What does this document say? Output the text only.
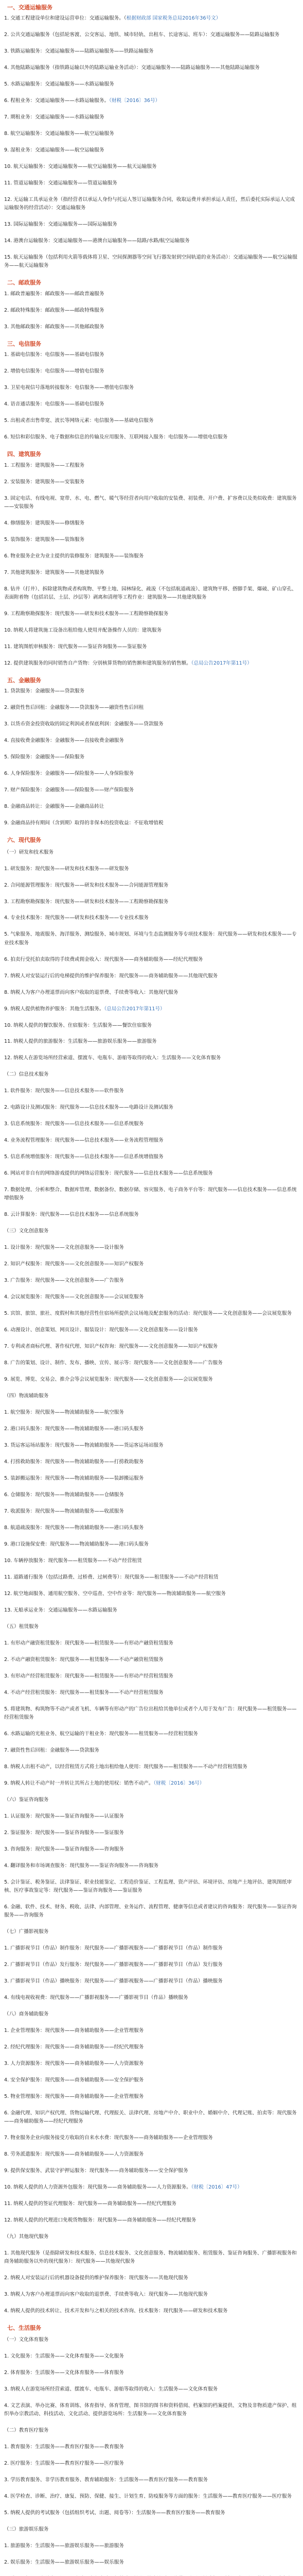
一、交通运输服务
1. 交通工程建设单位和建设运营单位：交通运输服务。（根据财政部 国家税务总局2016年36号文）
2. 公共交通运输服务（包括轮客渡、公交客运、地铁、城市轻轨、出租车、长途客运、班车）：交通运输服务——陆路运输服务
3. 铁路运输服务：交通运输服务——陆路运输服务——铁路运输服务
4. 其他陆路运输服务（指铁路运输以外的陆路运输业务活动）：交通运输服务——陆路运输服务——其他陆路运输服务
5. 水路运输服务：交通运输服务——水路运输服务
6. 程租业务：交通运输服务——水路运输服务。（财税〔2016〕36号）
7. 期租业务：交通运输服务——水路运输服务
8. 航空运输服务：交通运输服务——航空运输服务
9. 湿租业务：交通运输服务——航空运输服务
10. 航天运输服务：交通运输服务——航空运输服务——航天运输服务
11. 管道运输服务：交通运输服务——管道运输服务
12. 无运输工具承运业务（指经营者以承运人身份与托运人签订运输服务合同，收取运费并承担承运人责任，然后委托实际承运人完成运输服务的经营活动）：交通运输服务
13. 国际运输服务：交通运输服务——国际运输服务
14. 港澳台运输服务：交通运输服务——港澳台运输服务——陆路/水路/航空运输服务
15. 航天运输服务（包括利用火箭等载体将卫星、空间探测器等空间飞行器发射到空间轨道的业务活动）：交通运输服务——航空运输服务——航天运输服务
二、邮政服务
1. 邮政普遍服务：邮政服务——邮政普遍服务
2. 邮政特殊服务：邮政服务——邮政特殊服务
3. 其他邮政服务：邮政服务——其他邮政服务
三、电信服务
1. 基础电信服务：电信服务——基础电信服务
2. 增值电信服务：电信服务——增值电信服务
3. 卫星电视信号落地转接服务：电信服务——增值电信服务
4. 语音通话服务：电信服务——基础电信服务
5. 出租或者出售带宽、波长等网络元素：电信服务——基础电信服务
6. 短信和彩信服务、电子数据和信息的传输及应用服务、互联网接入服务：电信服务——增值电信服务
四、建筑服务
1. 工程服务：建筑服务——工程服务
2. 安装服务：建筑服务——安装服务
3. 固定电话、有线电视、宽带、水、电、燃气、暖气等经营者向用户收取的安装费、初装费、开户费、扩容费以及类似收费：建筑服务——安装服务
4. 修缮服务：建筑服务——修缮服务
5. 装饰服务：建筑服务——装饰服务
6. 物业服务企业为业主提供的装修服务：建筑服务——装饰服务
7. 其他建筑服务：建筑服务——其他建筑服务
8. 钻井（打井）、拆除建筑物或者构筑物、平整土地、园林绿化、疏浚（不包括航道疏浚）、建筑物平移、搭脚手架、爆破、矿山穿孔、表面附着物（包括岩层、土层、沙层等）剥离和清理等工程作业：建筑服务——其他建筑服务
9. 工程勘察勘探服务：现代服务——研发和技术服务——工程勘察勘探服务
10. 纳税人将建筑施工设备出租给他人使用并配备操作人员的：建筑服务
11. 建筑图纸审核服务：现代服务——鉴证咨询服务——鉴证服务
12. 提供建筑服务的同时销售自产货物：分别核算货物的销售额和建筑服务的销售额。（总局公告2017年第11号）
五、金融服务
1. 贷款服务：金融服务——贷款服务
2. 融资性售后回租：金融服务——贷款服务——融资性售后回租
3. 以货币资金投资收取的固定利润或者保底利润：金融服务——贷款服务
4. 直接收费金融服务：金融服务——直接收费金融服务
5. 保险服务：金融服务——保险服务
6. 人身保险服务：金融服务——保险服务——人身保险服务
7. 财产保险服务：金融服务——保险服务——财产保险服务
8. 金融商品转让：金融服务——金融商品转让
9. 金融商品持有期间（含到期）取得的非保本的投资收益：不征收增值税
六、现代服务
（一）研发和技术服务
1. 研发服务：现代服务——研发和技术服务——研发服务
2. 合同能源管理服务：现代服务——研发和技术服务——合同能源管理服务
3. 工程勘察勘探服务：现代服务——研发和技术服务——工程勘察勘探服务
4. 专业技术服务：现代服务——研发和技术服务——专业技术服务
5. 气象服务、地震服务、海洋服务、测绘服务、城市规划、环境与生态监测服务等专项技术服务：现代服务——研发和技术服务——专业技术服务
6. 拍卖行受托拍卖取得的手续费或佣金收入：现代服务——商务辅助服务——经纪代理服务
7. 纳税人对安装运行后的电梯提供的维护保养服务：现代服务——商务辅助服务——其他现代服务
8. 纳税人为客户办理退票而向客户收取的退票费、手续费等收入：其他现代服务
9. 纳税人提供植物养护服务：其他生活服务。（总局公告2017年第11号）
10. 纳税人提供的餐饮服务、住宿服务：生活服务——餐饮住宿服务
11. 纳税人提供的旅游服务：生活服务——旅游娱乐服务——旅游服务
12. 纳税人在游览场所经营索道、摆渡车、电瓶车、游船等取得的收入：生活服务——文化体育服务
（二）信息技术服务
1. 软件服务：现代服务——信息技术服务——软件服务
2. 电路设计及测试服务：现代服务——信息技术服务——电路设计及测试服务
3. 信息系统服务：现代服务——信息技术服务——信息系统服务
4. 业务流程管理服务：现代服务——信息技术服务——业务流程管理服务
5. 信息系统增值服务：现代服务——信息技术服务——信息系统增值服务
6. 网站对非自有的网络游戏提供的网络运营服务：现代服务——信息技术服务——信息系统服务
7. 数据处理、分析和整合、数据库管理、数据备份、数据存储、容灾服务、电子商务平台等：现代服务——信息技术服务——信息系统增值服务
8. 云计算服务：现代服务——信息技术服务——信息系统服务
（三）文化创意服务
1. 设计服务：现代服务——文化创意服务——设计服务
2. 知识产权服务：现代服务——文化创意服务——知识产权服务
3. 广告服务：现代服务——文化创意服务——广告服务
4. 会议展览服务：现代服务——文化创意服务——会议展览服务
5. 宾馆、旅馆、旅社、度假村和其他经营性住宿场所提供会议场地及配套服务的活动：现代服务——文化创意服务——会议展览服务
6. 动漫设计、创意策划、网页设计、服装设计：现代服务——文化创意服务——设计服务
7. 专利或者商标代理、著作权代理、知识产权咨询：现代服务——文化创意服务——知识产权服务
8. 广告的策划、设计、制作、发布、播映、宣传、展示等：现代服务——文化创意服务——广告服务
9. 展览、博览、交易会、推介会等会议展览服务：现代服务——文化创意服务——会议展览服务
（四）物流辅助服务
1. 航空服务：现代服务——物流辅助服务——航空服务
2. 港口码头服务：现代服务——物流辅助服务——港口码头服务
3. 货运客运场站服务：现代服务——物流辅助服务——货运客运场站服务
4. 打捞救助服务：现代服务——物流辅助服务——打捞救助服务
5. 装卸搬运服务：现代服务——物流辅助服务——装卸搬运服务
6. 仓储服务：现代服务——物流辅助服务——仓储服务
7. 收派服务：现代服务——物流辅助服务——收派服务
8. 航道疏浚服务：现代服务——物流辅助服务——港口码头服务
9. 港口设施保安费：现代服务——物流辅助服务——港口码头服务
10. 车辆停放服务：现代服务——租赁服务——不动产经营租赁
11. 道路通行服务（包括过路费、过桥费、过闸费等）：现代服务——租赁服务——不动产经营租赁
12. 航空地面服务、通用航空服务、空中巡查、空中作业等：现代服务——物流辅助服务——航空服务
13. 无船承运业务：交通运输服务——水路运输服务
（五）租赁服务
1. 有形动产融资租赁服务：现代服务——租赁服务——有形动产融资租赁服务
2. 不动产融资租赁服务：现代服务——租赁服务——不动产融资租赁服务
3. 有形动产经营租赁服务：现代服务——租赁服务——有形动产经营租赁服务
4. 不动产经营租赁服务：现代服务——租赁服务——不动产经营租赁服务
5. 将建筑物、构筑物等不动产或者飞机、车辆等有形动产的广告位出租给其他单位或者个人用于发布广告：现代服务——租赁服务——经营租赁服务
6. 水路运输的光租业务、航空运输的干租业务：现代服务——租赁服务——经营租赁服务
7. 融资性售后回租：金融服务——贷款服务
8. 纳税人出租不动产，以经营租赁方式将土地出租给他人使用：现代服务——租赁服务——不动产经营租赁服务
9. 纳税人转让不动产时一并转让其所占土地的使用权：销售不动产。（财税〔2016〕36号）
（六）鉴证咨询服务
1. 认证服务：现代服务——鉴证咨询服务——认证服务
2. 鉴证服务：现代服务——鉴证咨询服务——鉴证服务
3. 咨询服务：现代服务——鉴证咨询服务——咨询服务
4. 翻译服务和市场调查服务：现代服务——鉴证咨询服务——咨询服务
5. 会计鉴证、税务鉴证、法律鉴证、职业技能鉴定、工程造价鉴证、工程监理、资产评估、环境评估、房地产土地评估、建筑图纸审核、医疗事故鉴定等：现代服务——鉴证咨询服务——鉴证服务
6. 金融、软件、技术、财务、税收、法律、内部管理、业务运作、流程管理、健康等信息或者建议的咨询服务：现代服务——鉴证咨询服务——咨询服务
（七）广播影视服务
1. 广播影视节目（作品）制作服务：现代服务——广播影视服务——广播影视节目（作品）制作服务
2. 广播影视节目（作品）发行服务：现代服务——广播影视服务——广播影视节目（作品）发行服务
3. 广播影视节目（作品）播映服务：现代服务——广播影视服务——广播影视节目（作品）播映服务
4. 有线电视收视费：现代服务——广播影视服务——广播影视节目（作品）播映服务
（八）商务辅助服务
1. 企业管理服务：现代服务——商务辅助服务——企业管理服务
2. 经纪代理服务：现代服务——商务辅助服务——经纪代理服务
3. 人力资源服务：现代服务——商务辅助服务——人力资源服务
4. 安全保护服务：现代服务——商务辅助服务——安全保护服务
5. 物业管理服务：现代服务——商务辅助服务——企业管理服务
6. 金融代理、知识产权代理、货物运输代理、代理报关、法律代理、房地产中介、职业中介、婚姻中介、代理记账、拍卖等：现代服务——商务辅助服务——经纪代理服务
7. 物业服务企业向服务接受方收取的自来水水费：现代服务——商务辅助服务——企业管理服务
8. 劳务派遣服务：现代服务——商务辅助服务——人力资源服务
9. 提供保安服务、武装守护押运服务：现代服务——商务辅助服务——安全保护服务
10. 纳税人提供的人力资源外包服务：现代服务——商务辅助服务——人力资源服务。（财税〔2016〕47号）
11. 纳税人提供的签证代理服务：现代服务——商务辅助服务——经纪代理服务
12. 纳税人提供的代理进口免税货物服务：现代服务——商务辅助服务——经纪代理服务
（九）其他现代服务
1. 其他现代服务（是指除研发和技术服务、信息技术服务、文化创意服务、物流辅助服务、租赁服务、鉴证咨询服务、广播影视服务和商务辅助服务以外的现代服务）：现代服务——其他现代服务
2. 纳税人对安装运行后的机器设备提供的维护保养服务：现代服务——其他现代服务
3. 纳税人为客户办理退票而向客户收取的退票费、手续费等收入：现代服务——其他现代服务
4. 纳税人提供的技术转让、技术开发和与之相关的技术咨询、技术服务：现代服务——研发和技术服务
七、生活服务
（一）文化体育服务
1. 文化服务：生活服务——文化体育服务——文化服务
2. 体育服务：生活服务——文化体育服务——体育服务
3. 纳税人在游览场所经营索道、摆渡车、电瓶车、游船等取得的收入：生活服务——文化体育服务
4. 文艺表演、举办比赛、体育训练、体育指导、体育管理、图书馆的图书和资料借阅、档案馆的档案提供、文物及非物质遗产保护、组织举办宗教活动、科技活动、文化活动、提供游览场所：生活服务——文化体育服务
（二）教育医疗服务
1. 教育服务：生活服务——教育医疗服务——教育服务
2. 医疗服务：生活服务——教育医疗服务——医疗服务
3. 学历教育服务、非学历教育服务、教育辅助服务：生活服务——教育医疗服务——教育服务
4. 医学检查、诊断、治疗、康复、预防、保健、接生、计划生育、防疫服务等方面的服务：生活服务——教育医疗服务——医疗服务
5. 纳税人提供的考试服务（包括组织考试、出题、阅卷等）：生活服务——教育医疗服务——教育服务
（三）旅游娱乐服务
1. 旅游服务：生活服务——旅游娱乐服务——旅游服务
2. 娱乐服务：生活服务——旅游娱乐服务——娱乐服务
